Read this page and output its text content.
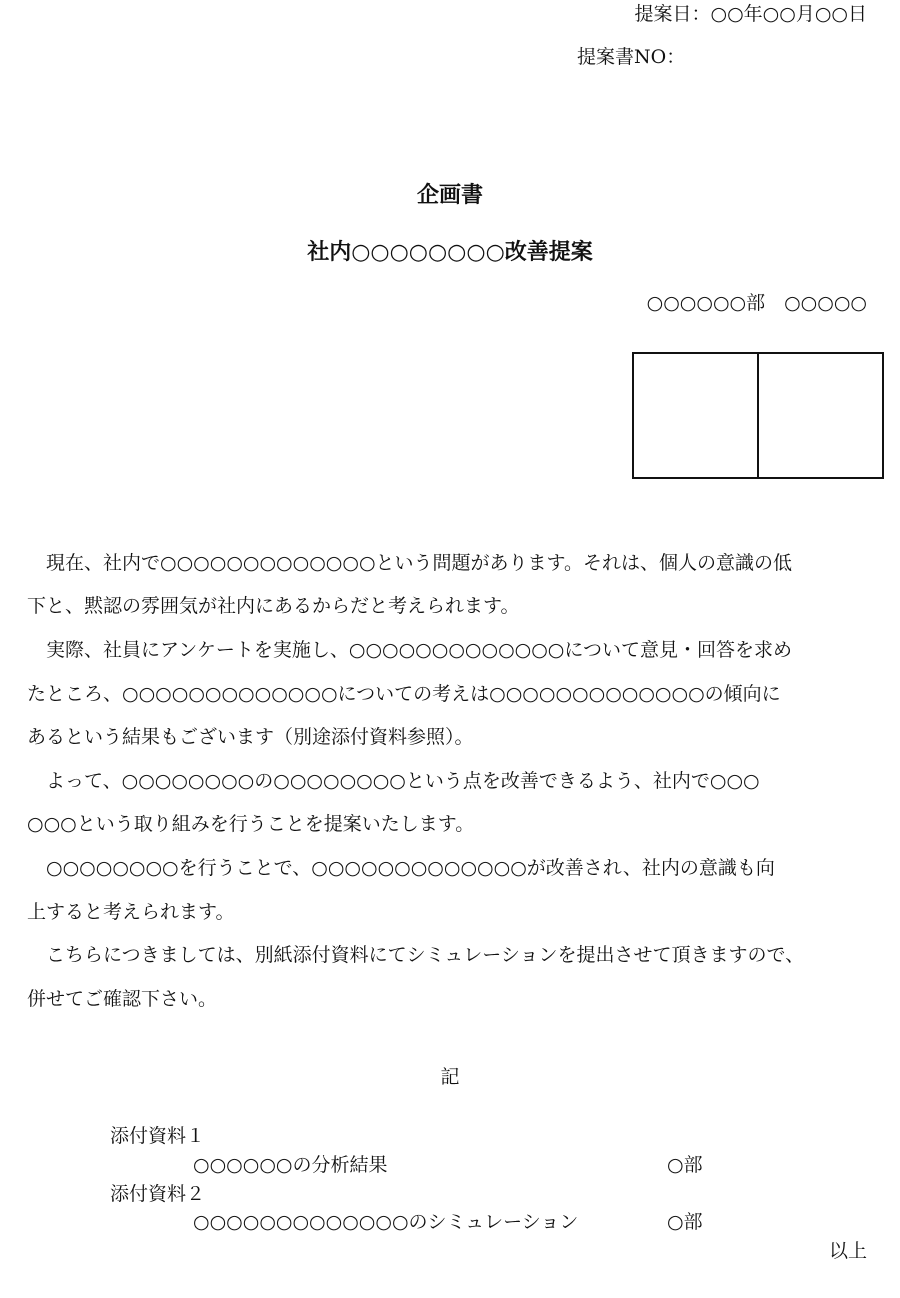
提案日：○○年○○月○○日
提案書NO：
企画書
社内○○○○○○○○改善提案
○○○○○○部　○○○○○
　現在、社内で○○○○○○○○○○○○○という問題があります。それは、個人の意識の低
下と、黙認の雰囲気が社内にあるからだと考えられます。
　実際、社員にアンケートを実施し、○○○○○○○○○○○○○について意見・回答を求め
たところ、○○○○○○○○○○○○○についての考えは○○○○○○○○○○○○○の傾向に
あるという結果もございます（別途添付資料参照）。
　よって、○○○○○○○○の○○○○○○○○という点を改善できるよう、社内で○○○
○○○という取り組みを行うことを提案いたします。
　○○○○○○○○を行うことで、○○○○○○○○○○○○○が改善され、社内の意識も向
上すると考えられます。
　こちらにつきましては、別紙添付資料にてシミュレーションを提出させて頂きますので、
併せてご確認下さい。
記
添付資料１
○○○○○○の分析結果	○部
添付資料２
○○○○○○○○○○○○○のシミュレーション	○部
以上
